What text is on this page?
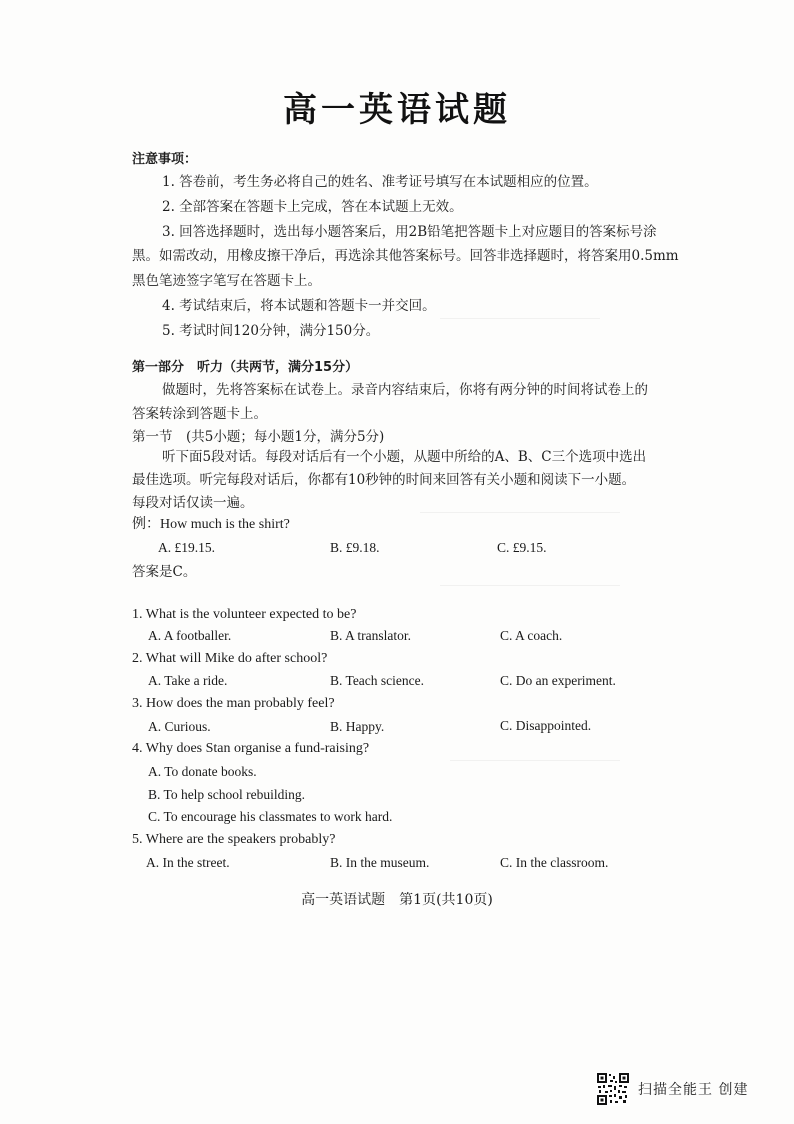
高一英语试题
注意事项：
1. 答卷前，考生务必将自己的姓名、准考证号填写在本试题相应的位置。
2. 全部答案在答题卡上完成，答在本试题上无效。
3. 回答选择题时，选出每小题答案后，用2B铅笔把答题卡上对应题目的答案标号涂
黑。如需改动，用橡皮擦干净后，再选涂其他答案标号。回答非选择题时，将答案用0.5mm
黑色笔迹签字笔写在答题卡上。
4. 考试结束后，将本试题和答题卡一并交回。
5. 考试时间120分钟，满分150分。
第一部分　听力（共两节，满分15分）
做题时，先将答案标在试卷上。录音内容结束后，你将有两分钟的时间将试卷上的
答案转涂到答题卡上。
第一节　(共5小题；每小题1分，满分5分)
听下面5段对话。每段对话后有一个小题，从题中所给的A、B、C三个选项中选出
最佳选项。听完每段对话后，你都有10秒钟的时间来回答有关小题和阅读下一小题。
每段对话仅读一遍。
例：How much is the shirt?
A. £19.15.	B. £9.18.	C. £9.15.
答案是C。
1. What is the volunteer expected to be?
A. A footballer.	B. A translator.	C. A coach.
2. What will Mike do after school?
A. Take a ride.	B. Teach science.	C. Do an experiment.
3. How does the man probably feel?
A. Curious.	B. Happy.	C. Disappointed.
4. Why does Stan organise a fund-raising?
A. To donate books.
B. To help school rebuilding.
C. To encourage his classmates to work hard.
5. Where are the speakers probably?
A. In the street.	B. In the museum.	C. In the classroom.
高一英语试题　第1页(共10页)
扫描全能王 创建
